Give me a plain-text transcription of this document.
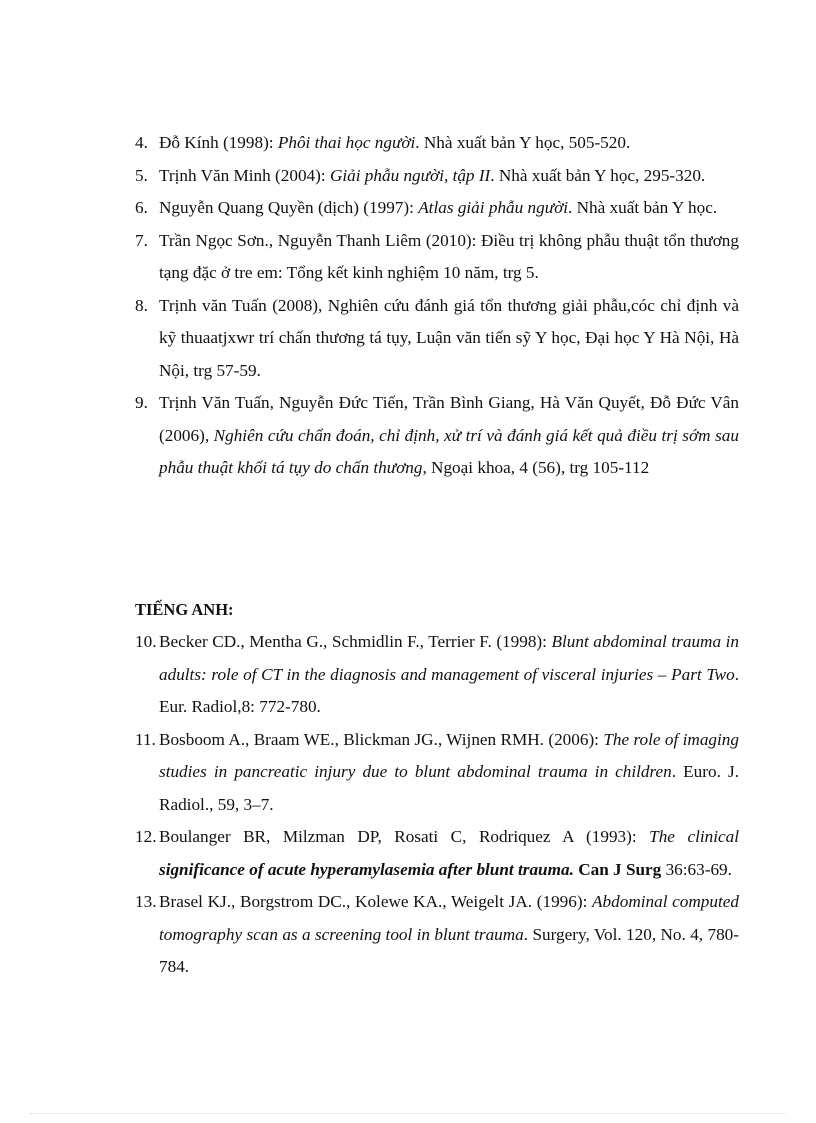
4. Đỗ Kính (1998): Phôi thai học người. Nhà xuất bản Y học, 505-520.
5. Trịnh Văn Minh (2004): Giải phẫu người, tập II. Nhà xuất bản Y học, 295-320.
6. Nguyễn Quang Quyền (dịch) (1997): Atlas giải phẫu người. Nhà xuất bản Y học.
7. Trần Ngọc Sơn., Nguyễn Thanh Liêm (2010): Điều trị không phẫu thuật tổn thương tạng đặc ở tre em: Tổng kết kinh nghiệm 10 năm, trg 5.
8. Trịnh văn Tuấn (2008), Nghiên cứu đánh giá tổn thương giải phẫu,cóc chỉ định và kỹ thuaatjxwr trí chấn thương tá tụy, Luận văn tiến sỹ Y học, Đại học Y Hà Nội, Hà Nội, trg 57-59.
9. Trịnh Văn Tuấn, Nguyễn Đức Tiến, Trần Bình Giang, Hà Văn Quyết, Đỗ Đức Vân (2006), Nghiên cứu chẩn đoán, chỉ định, xử trí và đánh giá kết quả điều trị sớm sau phẫu thuật khối tá tụy do chấn thương, Ngoại khoa, 4 (56), trg 105-112
TIẾNG ANH:
10. Becker CD., Mentha G., Schmidlin F., Terrier F. (1998): Blunt abdominal trauma in adults: role of CT in the diagnosis and management of visceral injuries – Part Two. Eur. Radiol,8: 772-780.
11. Bosboom A., Braam WE., Blickman JG., Wijnen RMH. (2006): The role of imaging studies in pancreatic injury due to blunt abdominal trauma in children. Euro. J. Radiol., 59, 3–7.
12. Boulanger BR, Milzman DP, Rosati C, Rodriquez A (1993): The clinical significance of acute hyperamylasemia after blunt trauma. Can J Surg 36:63-69.
13. Brasel KJ., Borgstrom DC., Kolewe KA., Weigelt JA. (1996): Abdominal computed tomography scan as a screening tool in blunt trauma. Surgery, Vol. 120, No. 4, 780-784.
